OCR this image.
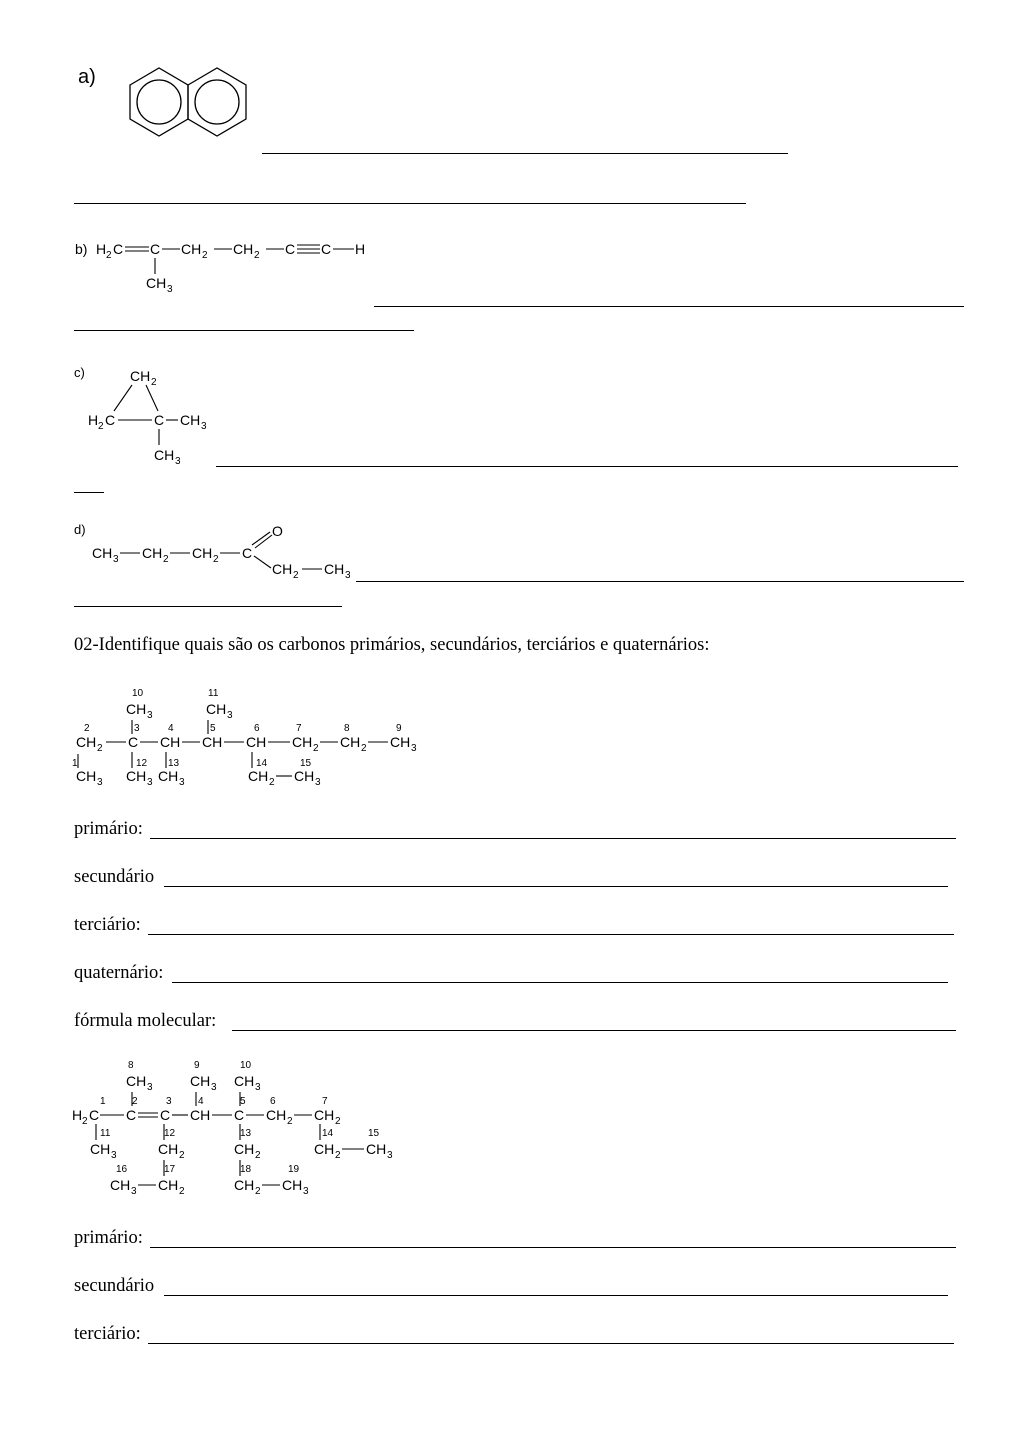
a)
b) H 2 C C CH 2 CH 2 C C H
CH 3
c)	CH 2
H 2 C	C CH 3
CH 3
d)
CH 3 CH 2 CH 2 C
O
CH 2 CH 3
02-Identifique quais são os carbonos primários, secundários, terciários e quaternários:
CH 3	CH 3
CH 2 C CH CH CH CH 2 CH 2 CH 3
CH 3 CH 3 CH 3	CH 2 CH 3
10	11
2	3	4	5	6	7	8	9
1	12 13	14	15
primário:
secundário
terciário:
quaternário:
fórmula molecular:
CH 3	CH 3 CH 3
H 2 C C C CH C CH 2 CH 2
CH 3	CH 2	CH 2	CH 2 CH 3
CH 3 CH 2	CH 2 CH 3
8	9	10
1	2	3	4	5 6	7
11	12	13	14	15
16	17	18	19
primário:
secundário
terciário:
